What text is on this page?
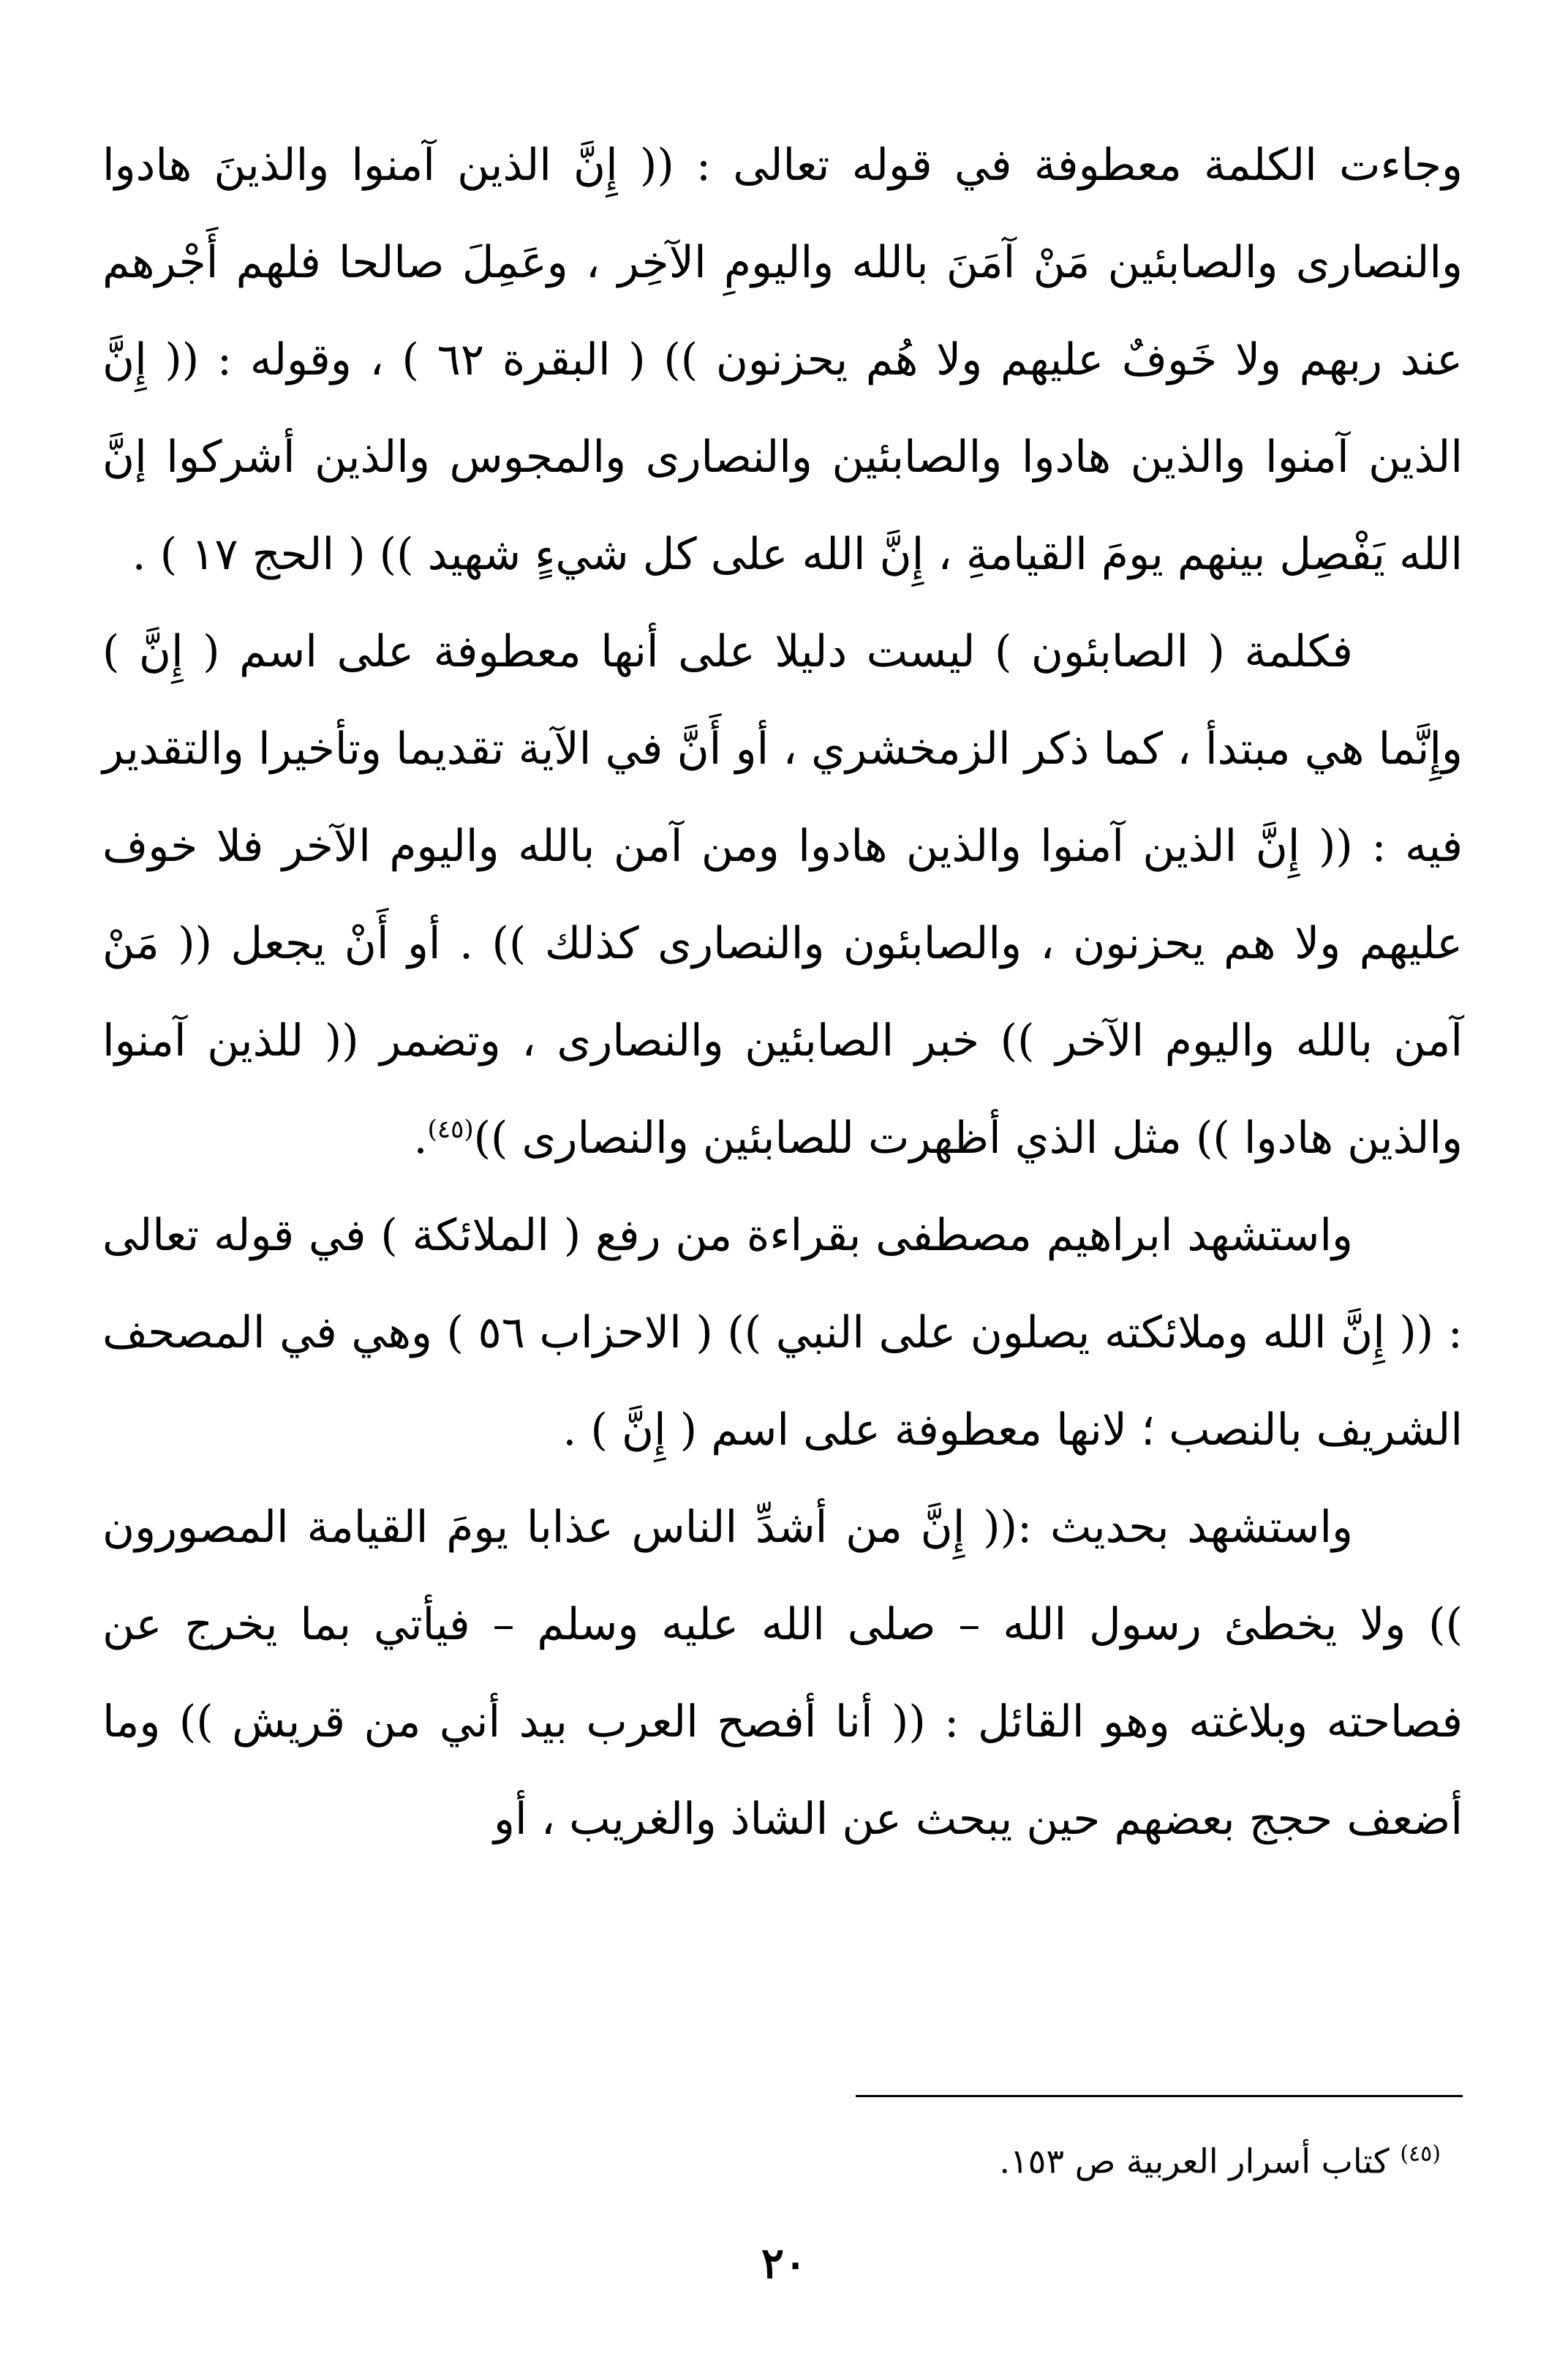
وجاءت الكلمة معطوفة في قوله تعالى : (( إِنَّ الذين آمنوا والذينَ هادوا والنصارى والصابئين مَنْ آمَنَ بالله واليومِ الآخِر ، وعَمِلَ صالحا فلهم أَجْرهم عند ربهم ولا خَوفٌ عليهم ولا هُم يحزنون )) ( البقرة ٦٢ ) ، وقوله : (( إِنَّ الذين آمنوا والذين هادوا والصابئين والنصارى والمجوس والذين أشركوا إنَّ الله يَفْصِل بينهم يومَ القيامةِ ، إِنَّ الله على كل شيءٍ شهيد )) ( الحج ١٧ ) .

فكلمة ( الصابئون ) ليست دليلا على أنها معطوفة على اسم ( إِنَّ ) وإِنَّما هي مبتدأ ، كما ذكر الزمخشري ، أو أَنَّ في الآية تقديما وتأخيرا والتقدير فيه : (( إِنَّ الذين آمنوا والذين هادوا ومن آمن بالله واليوم الآخر فلا خوف عليهم ولا هم يحزنون ، والصابئون والنصارى كذلك )) . أو أَنْ يجعل (( مَنْ آمن بالله واليوم الآخر )) خبر الصابئين والنصارى ، وتضمر (( للذين آمنوا والذين هادوا )) مثل الذي أظهرت للصابئين والنصارى ))$^{(٤٥)}$.

واستشهد ابراهيم مصطفى بقراءة من رفع ( الملائكة ) في قوله تعالى : (( إِنَّ الله وملائكته يصلون على النبي )) ( الاحزاب ٥٦ ) وهي في المصحف الشريف بالنصب ؛ لانها معطوفة على اسم ( إِنَّ ) .

واستشهد بحديث :(( إِنَّ من أشدِّ الناس عذابا يومَ القيامة المصورون )) ولا يخطئ رسول الله – صلى الله عليه وسلم – فيأتي بما يخرج عن فصاحته وبلاغته وهو القائل : (( أنا أفصح العرب بيد أني من قريش )) وما أضعف حجج بعضهم حين يبحث عن الشاذ والغريب ، أو

$^{(٤٥)}$ كتاب أسرار العربية ص ١٥٣.
٢٠
